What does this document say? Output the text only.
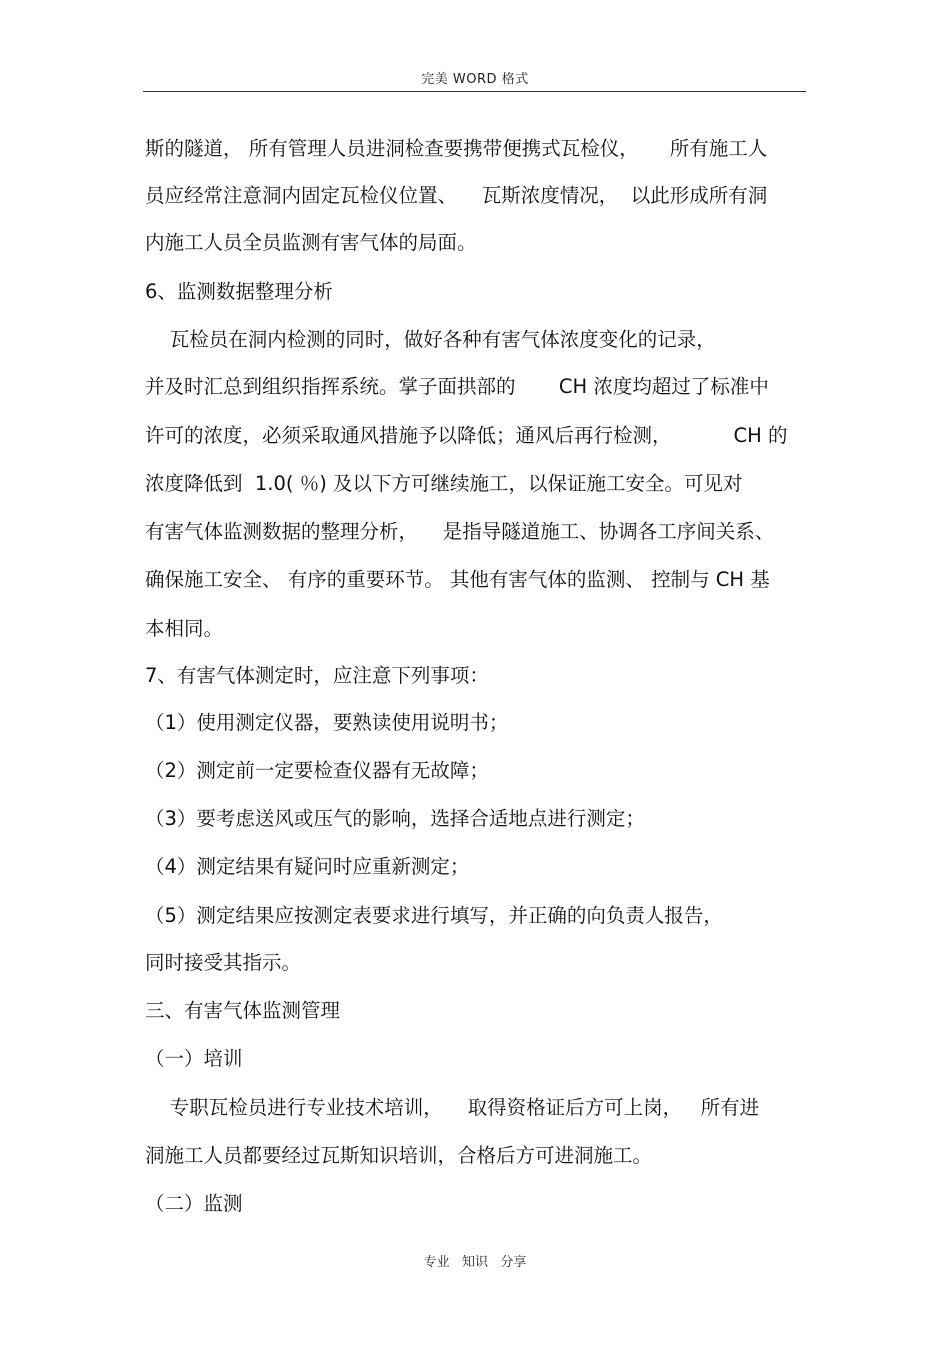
完美 WORD 格式
斯的隧道， 所有管理人员进洞检查要携带便携式瓦检仪，     所有施工人
员应经常注意洞内固定瓦检仪位置、    瓦斯浓度情况，  以此形成所有洞
内施工人员全员监测有害气体的局面。
6、监测数据整理分析
瓦检员在洞内检测的同时，做好各种有害气体浓度变化的记录，
并及时汇总到组织指挥系统。掌子面拱部的       CH 浓度均超过了标准中
许可的浓度，必须采取通风措施予以降低；通风后再行检测，          CH 的
浓度降低到  1.0( ％) 及以下方可继续施工，以保证施工安全。可见对
有害气体监测数据的整理分析，    是指导隧道施工、协调各工序间关系、
确保施工安全、 有序的重要环节。 其他有害气体的监测、 控制与 CH 基
本相同。
7、有害气体测定时，应注意下列事项：
（1）使用测定仪器，要熟读使用说明书；
（2）测定前一定要检查仪器有无故障；
（3）要考虑送风或压气的影响，选择合适地点进行测定；
（4）测定结果有疑问时应重新测定；
（5）测定结果应按测定表要求进行填写，并正确的向负责人报告，
同时接受其指示。
三、有害气体监测管理
（一）培训
专职瓦检员进行专业技术培训，    取得资格证后方可上岗，   所有进
洞施工人员都要经过瓦斯知识培训，合格后方可进洞施工。
（二）监测
专业   知识   分享
